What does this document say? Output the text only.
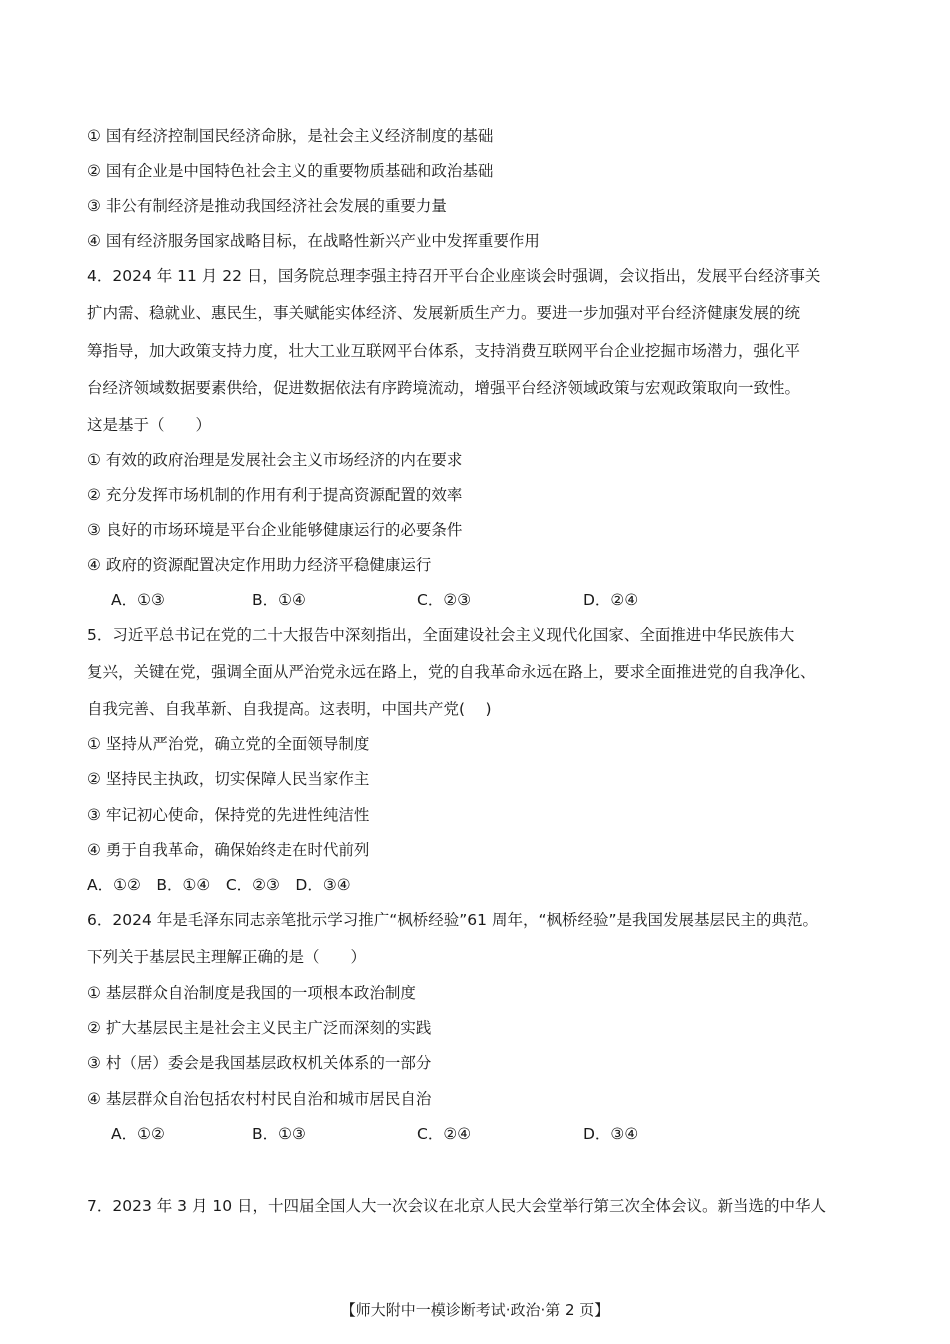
① 国有经济控制国民经济命脉，是社会主义经济制度的基础
② 国有企业是中国特色社会主义的重要物质基础和政治基础
③ 非公有制经济是推动我国经济社会发展的重要力量
④ 国有经济服务国家战略目标，在战略性新兴产业中发挥重要作用
4．2024 年 11 月 22 日，国务院总理李强主持召开平台企业座谈会时强调，会议指出，发展平台经济事关
扩内需、稳就业、惠民生，事关赋能实体经济、发展新质生产力。要进一步加强对平台经济健康发展的统
筹指导，加大政策支持力度，壮大工业互联网平台体系，支持消费互联网平台企业挖掘市场潜力，强化平
台经济领域数据要素供给，促进数据依法有序跨境流动，增强平台经济领域政策与宏观政策取向一致性。
这是基于（　　）
① 有效的政府治理是发展社会主义市场经济的内在要求
② 充分发挥市场机制的作用有利于提高资源配置的效率
③ 良好的市场环境是平台企业能够健康运行的必要条件
④ 政府的资源配置决定作用助力经济平稳健康运行
A．①③	B．①④	C．②③	D．②④
5．习近平总书记在党的二十大报告中深刻指出，全面建设社会主义现代化国家、全面推进中华民族伟大
复兴，关键在党，强调全面从严治党永远在路上，党的自我革命永远在路上，要求全面推进党的自我净化、
自我完善、自我革新、自我提高。这表明，中国共产党(　 )
① 坚持从严治党，确立党的全面领导制度
② 坚持民主执政，切实保障人民当家作主
③ 牢记初心使命，保持党的先进性纯洁性
④ 勇于自我革命，确保始终走在时代前列
A．①②　B．①④　C．②③　D．③④
6．2024 年是毛泽东同志亲笔批示学习推广“枫桥经验”61 周年，“枫桥经验”是我国发展基层民主的典范。
下列关于基层民主理解正确的是（　　）
① 基层群众自治制度是我国的一项根本政治制度
② 扩大基层民主是社会主义民主广泛而深刻的实践
③ 村（居）委会是我国基层政权机关体系的一部分
④ 基层群众自治包括农村村民自治和城市居民自治
A．①②	B．①③	C．②④	D．③④
7．2023 年 3 月 10 日，十四届全国人大一次会议在北京人民大会堂举行第三次全体会议。新当选的中华人
【师大附中一模诊断考试·政治·第 2 页】
